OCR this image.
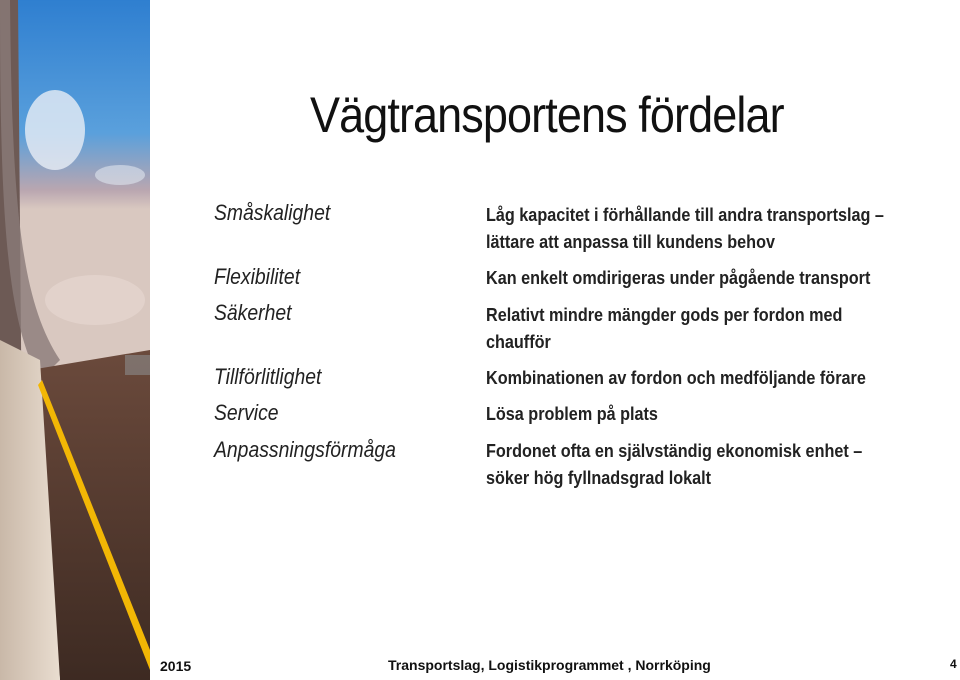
Vägtransportens fördelar
Småskalighet	Låg kapacitet i förhållande till andra transportslag –
lättare att anpassa till kundens behov
Flexibilitet	Kan enkelt omdirigeras under pågående transport
Säkerhet	Relativt mindre mängder gods per fordon med
chaufför
Tillförlitlighet	Kombinationen av fordon och medföljande förare
Service	Lösa problem på plats
Anpassningsförmåga	Fordonet ofta en självständig ekonomisk enhet –
söker hög fyllnadsgrad lokalt
2015	Transportslag, Logistikprogrammet , Norrköping	4
